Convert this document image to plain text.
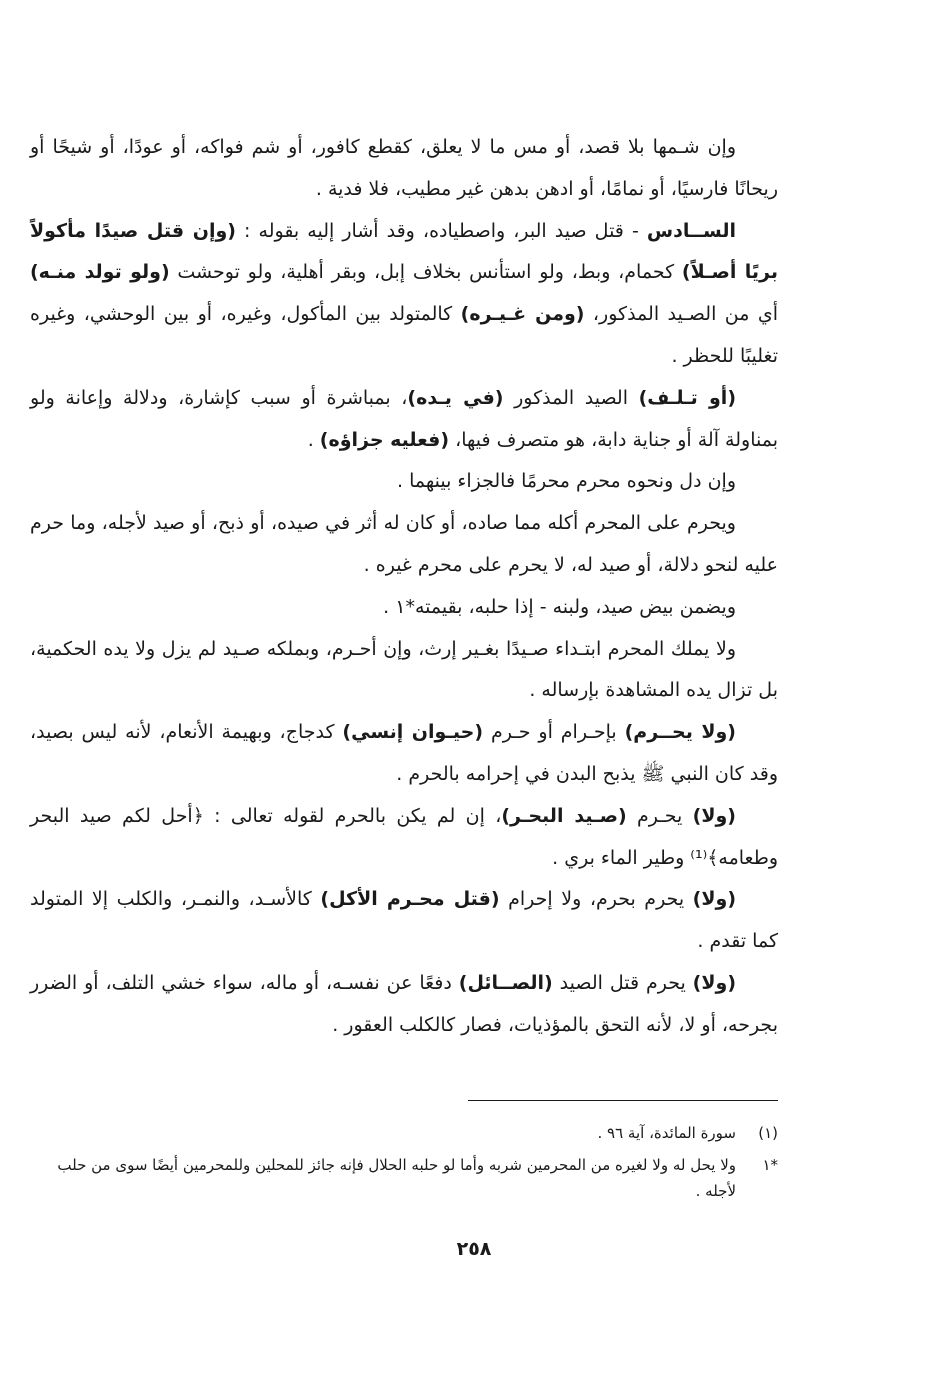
وإن شـمها بلا قصد، أو مس ما لا يعلق، كقطع كافور، أو شم فواكه، أو عودًا، أو شيحًا أو ريحانًا فارسيًا، أو نمامًا، أو ادهن بدهن غير مطيب، فلا فدية .

الســادس - قتل صيد البر، واصطياده، وقد أشار إليه بقوله : (وإن قتل صيدًا مأكولاً بريًا أصـلاً) كحمام، وبط، ولو استأنس بخلاف إبل، وبقر أهلية، ولو توحشت (ولو تولد منـه) أي من الصـيد المذكور، (ومن غـيـره) كالمتولد بين المأكول، وغيره، أو بين الوحشي، وغيره تغليبًا للحظر .

(أو تـلـف) الصيد المذكور (في يـده)، بمباشرة أو سبب كإشارة، ودلالة وإعانة ولو بمناولة آلة أو جناية دابة، هو متصرف فيها، (فعليه جزاؤه) .

وإن دل ونحوه محرم محرمًا فالجزاء بينهما .

ويحرم على المحرم أكله مما صاده، أو كان له أثر في صيده، أو ذبح، أو صيد لأجله، وما حرم عليه لنحو دلالة، أو صيد له، لا يحرم على محرم غيره .

ويضمن بيض صيد، ولبنه - إذا حلبه، بقيمته*١ .

ولا يملك المحرم ابتـداء صـيدًا بغـير إرث، وإن أحـرم، وبملكه صـيد لم يزل ولا يده الحكمية، بل تزال يده المشاهدة بإرساله .

(ولا يحــرم) بإحـرام أو حـرم (حيـوان إنسي) كدجاج، وبهيمة الأنعام، لأنه ليس بصيد، وقد كان النبي ﷺ يذبح البدن في إحرامه بالحرم .

(ولا) يحـرم (صـيد البحـر)، إن لم يكن بالحرم لقوله تعالى : ﴿أحل لكم صيد البحر وطعامه﴾⁽¹⁾ وطير الماء بري .

(ولا) يحرم بحرم، ولا إحرام (قتل محـرم الأكل) كالأسـد، والنمـر، والكلب إلا المتولد كما تقدم .

(ولا) يحرم قتل الصيد (الصــائل) دفعًا عن نفسـه، أو ماله، سواء خشي التلف، أو الضرر بجرحه، أو لا، لأنه التحق بالمؤذيات، فصار كالكلب العقور .

(١)
سورة المائدة، آية ٩٦ .
*١
ولا يحل له ولا لغيره من المحرمين شربه وأما لو حلبه الحلال فإنه جائز للمحلين وللمحرمين أيضًا سوى من حلب لأجله .
٢٥٨
